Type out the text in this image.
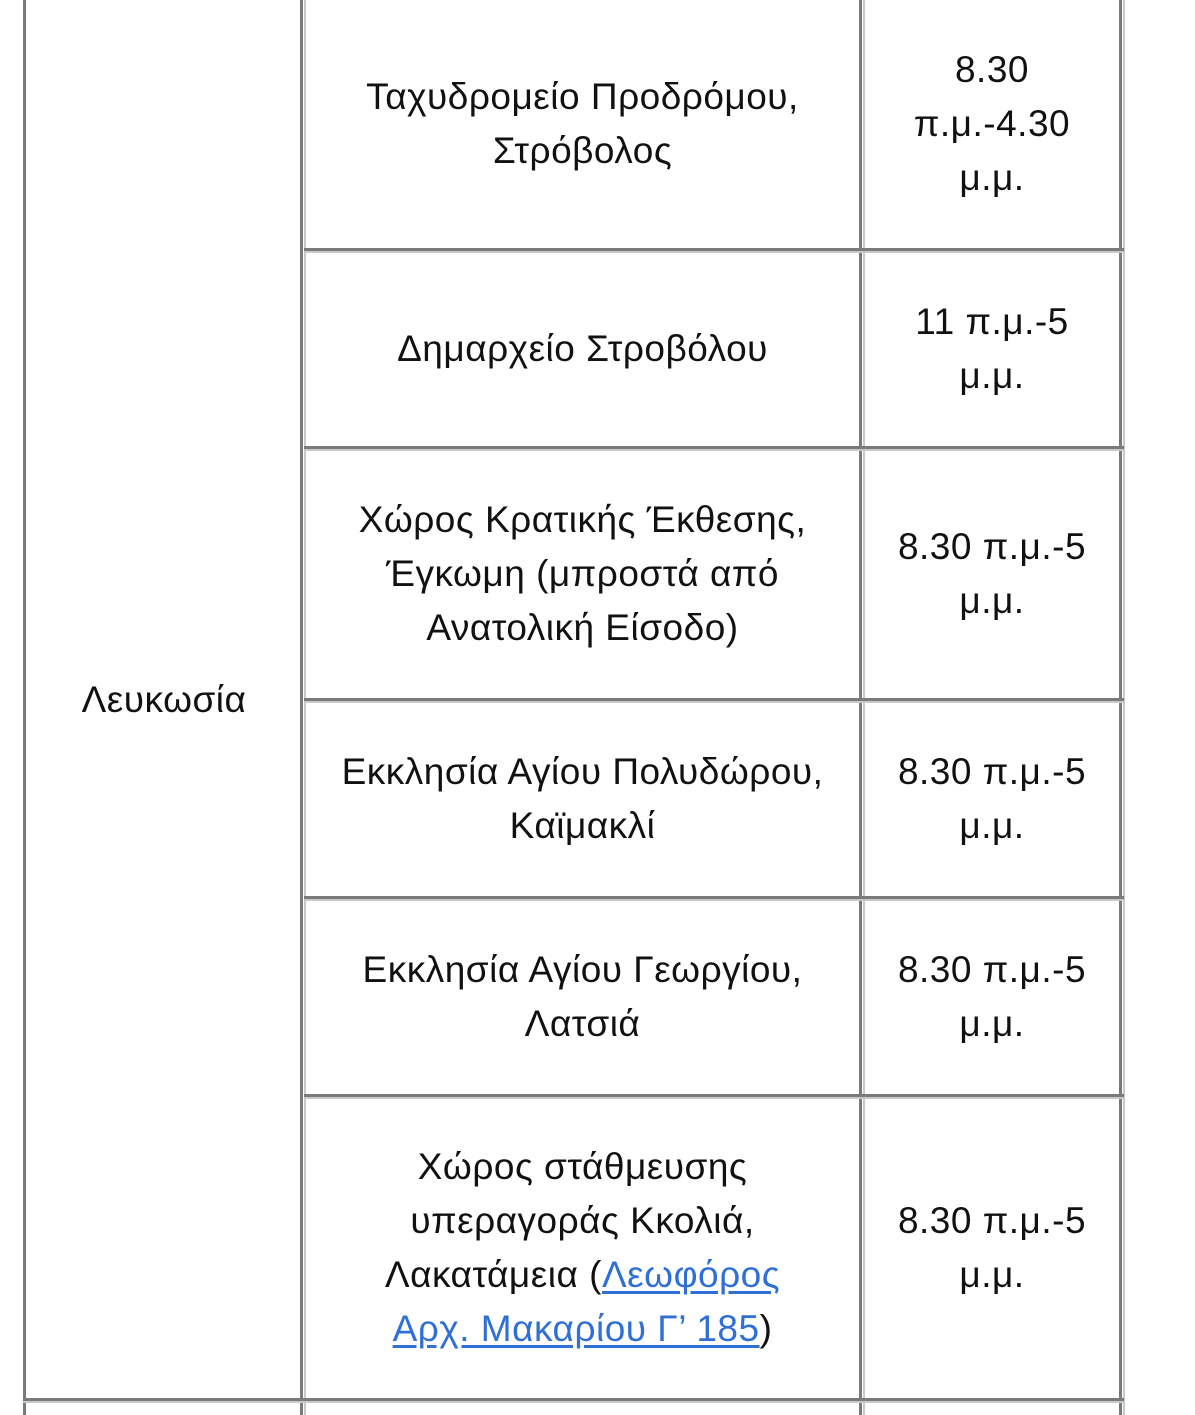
Λευκωσία
Ταχυδρομείο Προδρόμου, Στρόβολος
8.30 π.μ.-4.30 μ.μ.
Δημαρχείο Στροβόλου
11 π.μ.-5 μ.μ.
Χώρος Κρατικής Έκθεσης, Έγκωμη (μπροστά από Ανατολική Είσοδο)
8.30 π.μ.-5 μ.μ.
Εκκλησία Αγίου Πολυδώρου, Καϊμακλί
8.30 π.μ.-5 μ.μ.
Εκκλησία Αγίου Γεωργίου, Λατσιά
8.30 π.μ.-5 μ.μ.
Χώρος στάθμευσης υπεραγοράς Κκολιά, Λακατάμεια (Λεωφόρος Αρχ. Μακαρίου Γ’ 185)
8.30 π.μ.-5 μ.μ.
